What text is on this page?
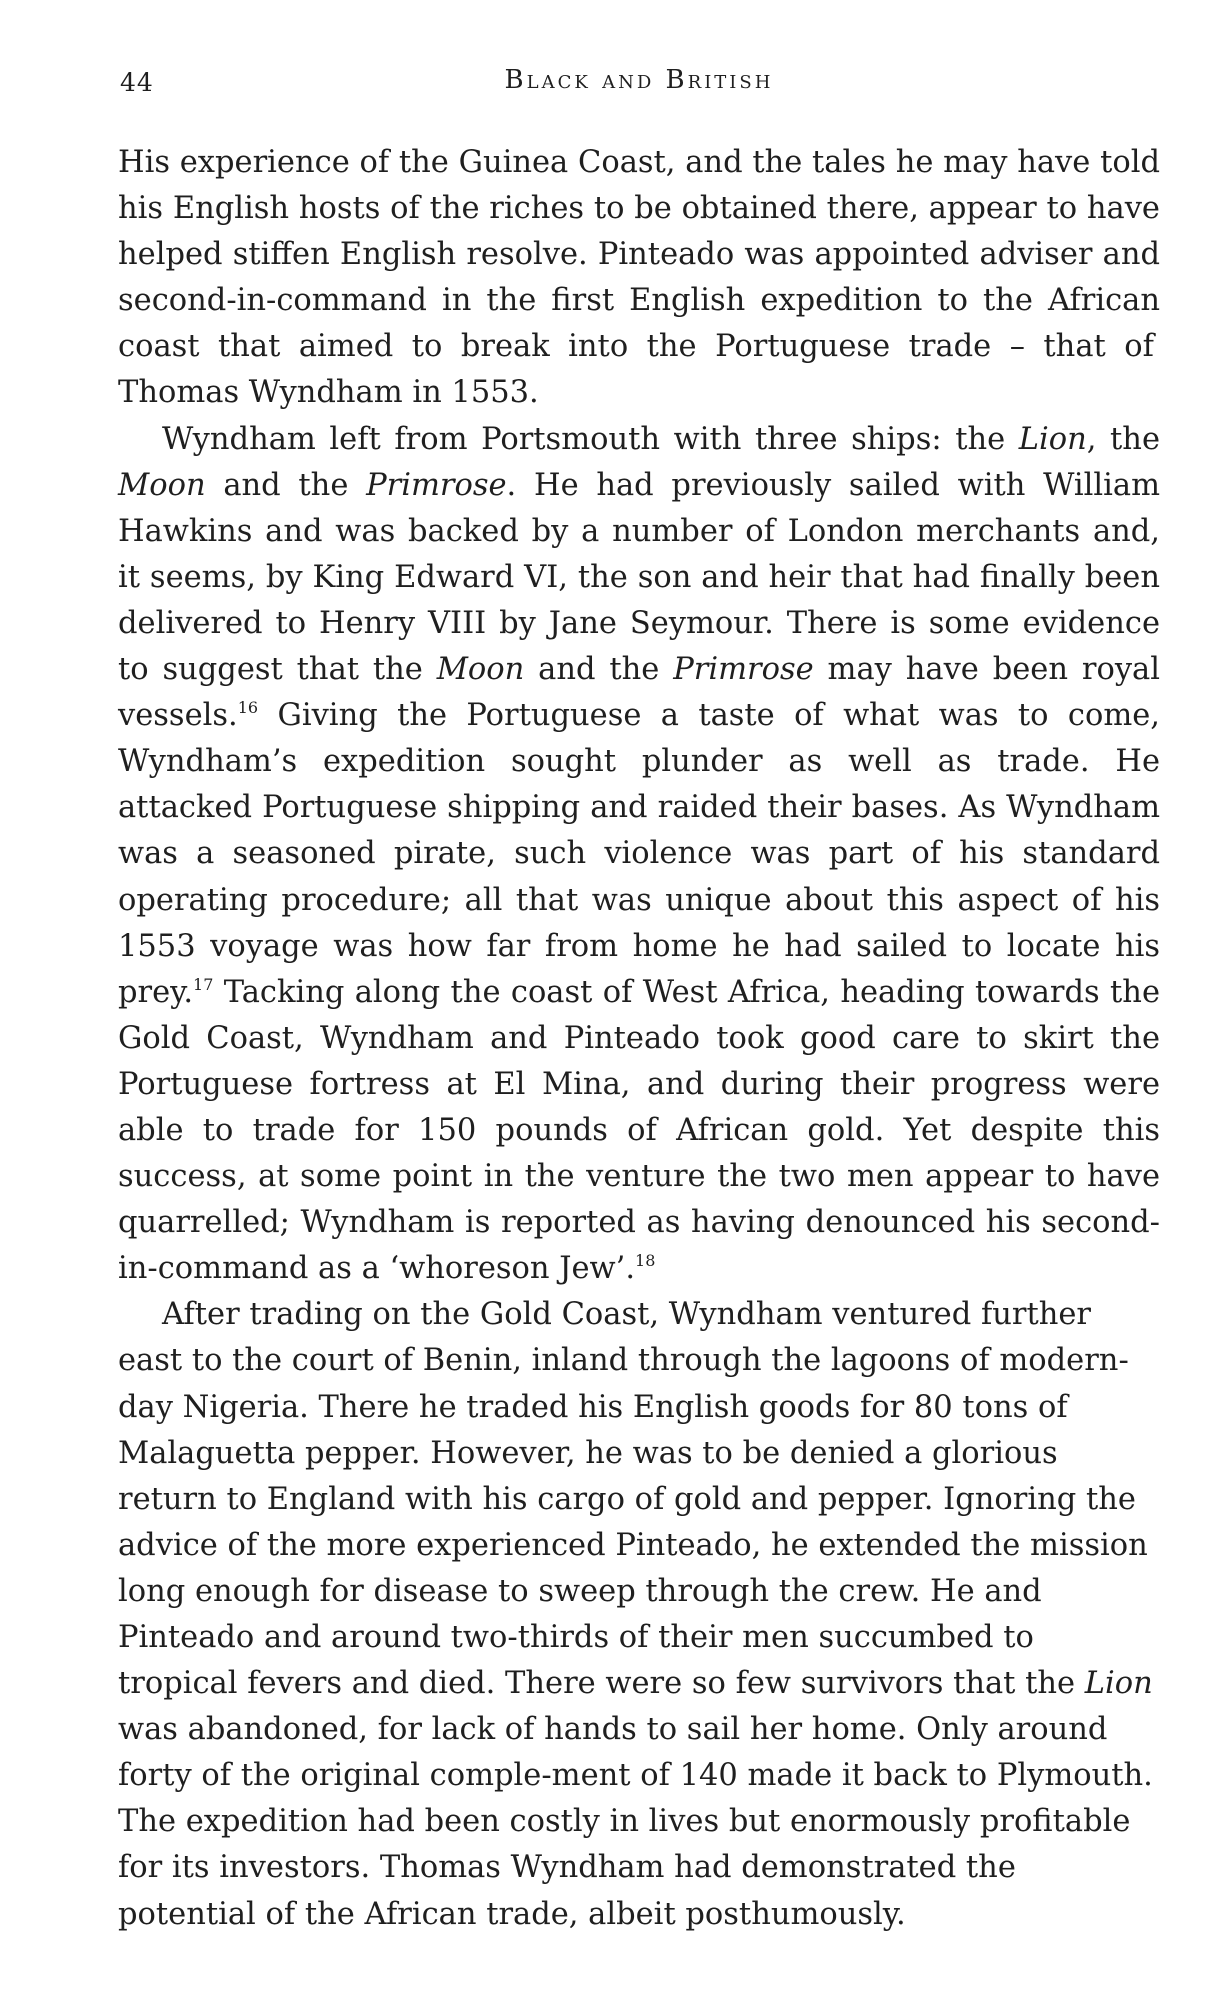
44	Black and British

His experience of the Guinea Coast, and the tales he may have told his English hosts of the riches to be obtained there, appear to have helped stiffen English resolve. Pinteado was appointed adviser and second-in-command in the first English expedition to the African coast that aimed to break into the Portuguese trade – that of Thomas Wyndham in 1553.

Wyndham left from Portsmouth with three ships: the Lion, the Moon and the Primrose. He had previously sailed with William Hawkins and was backed by a number of London merchants and, it seems, by King Edward VI, the son and heir that had finally been delivered to Henry VIII by Jane Seymour. There is some evidence to suggest that the Moon and the Primrose may have been royal vessels.$^{16}$ Giving the Portuguese a taste of what was to come, Wyndham’s expedition sought plunder as well as trade. He attacked Portuguese shipping and raided their bases. As Wyndham was a seasoned pirate, such violence was part of his standard operating procedure; all that was unique about this aspect of his 1553 voyage was how far from home he had sailed to locate his prey.$^{17}$ Tacking along the coast of West Africa, heading towards the Gold Coast, Wyndham and Pinteado took good care to skirt the Portuguese fortress at El Mina, and during their progress were able to trade for 150 pounds of African gold. Yet despite this success, at some point in the venture the two men appear to have quarrelled; Wyndham is reported as having denounced his second-in-command as a ‘whoreson Jew’.$^{18}$

After trading on the Gold Coast, Wyndham ventured further east to the court of Benin, inland through the lagoons of modern-day Nigeria. There he traded his English goods for 80 tons of Malaguetta pepper. However, he was to be denied a glorious return to England with his cargo of gold and pepper. Ignoring the advice of the more experienced Pinteado, he extended the mission long enough for disease to sweep through the crew. He and Pinteado and around two-thirds of their men succumbed to tropical fevers and died. There were so few survivors that the Lion was abandoned, for lack of hands to sail her home. Only around forty of the original comple-ment of 140 made it back to Plymouth. The expedition had been costly in lives but enormously profitable for its investors. Thomas Wyndham had demonstrated the potential of the African trade, albeit posthumously.
